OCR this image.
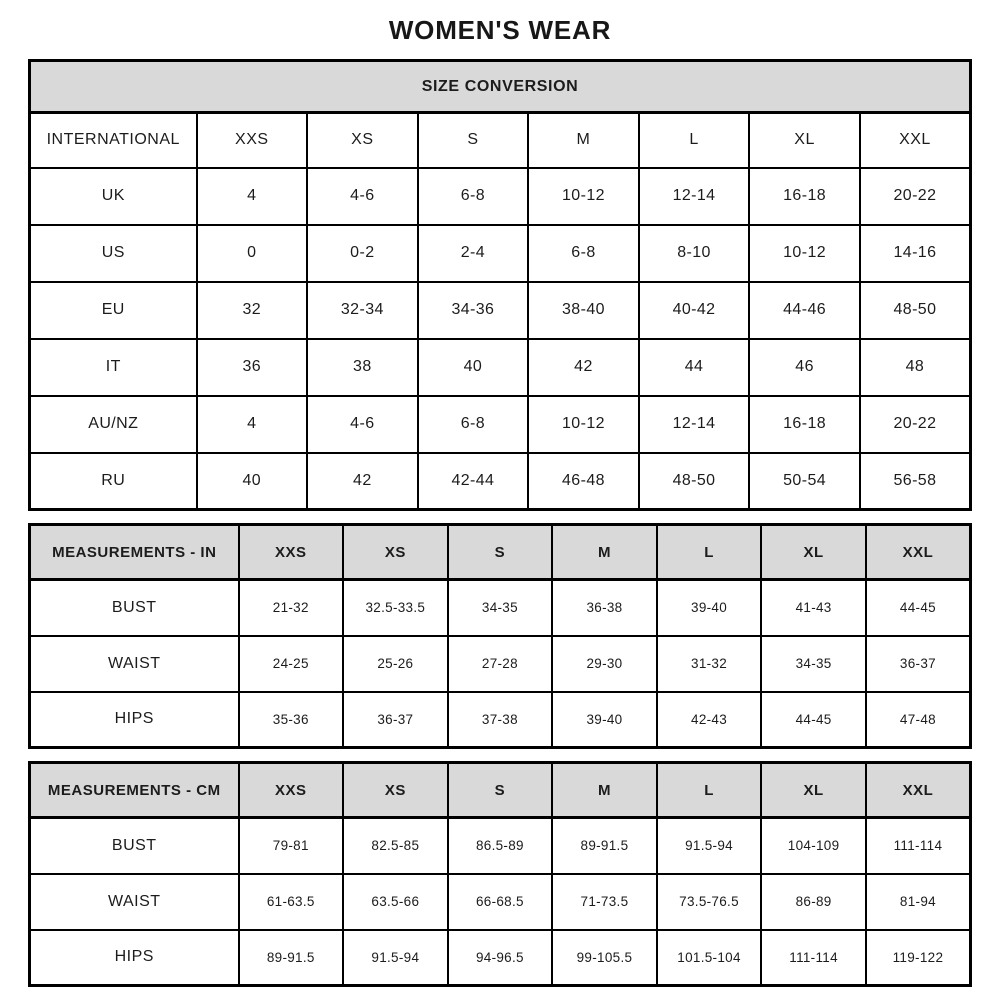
WOMEN'S WEAR
SIZE CONVERSION
INTERNATIONAL	XXS	XS	S	M	L	XL	XXL
UK	4	4-6	6-8	10-12	12-14	16-18	20-22
US	0	0-2	2-4	6-8	8-10	10-12	14-16
EU	32	32-34	34-36	38-40	40-42	44-46	48-50
IT	36	38	40	42	44	46	48
AU/NZ	4	4-6	6-8	10-12	12-14	16-18	20-22
RU	40	42	42-44	46-48	48-50	50-54	56-58
MEASUREMENTS - IN	XXS	XS	S	M	L	XL	XXL
BUST	21-32	32.5-33.5	34-35	36-38	39-40	41-43	44-45
WAIST	24-25	25-26	27-28	29-30	31-32	34-35	36-37
HIPS	35-36	36-37	37-38	39-40	42-43	44-45	47-48
MEASUREMENTS - CM	XXS	XS	S	M	L	XL	XXL
BUST	79-81	82.5-85	86.5-89	89-91.5	91.5-94	104-109	111-114
WAIST	61-63.5	63.5-66	66-68.5	71-73.5	73.5-76.5	86-89	81-94
HIPS	89-91.5	91.5-94	94-96.5	99-105.5	101.5-104	111-114	119-122
